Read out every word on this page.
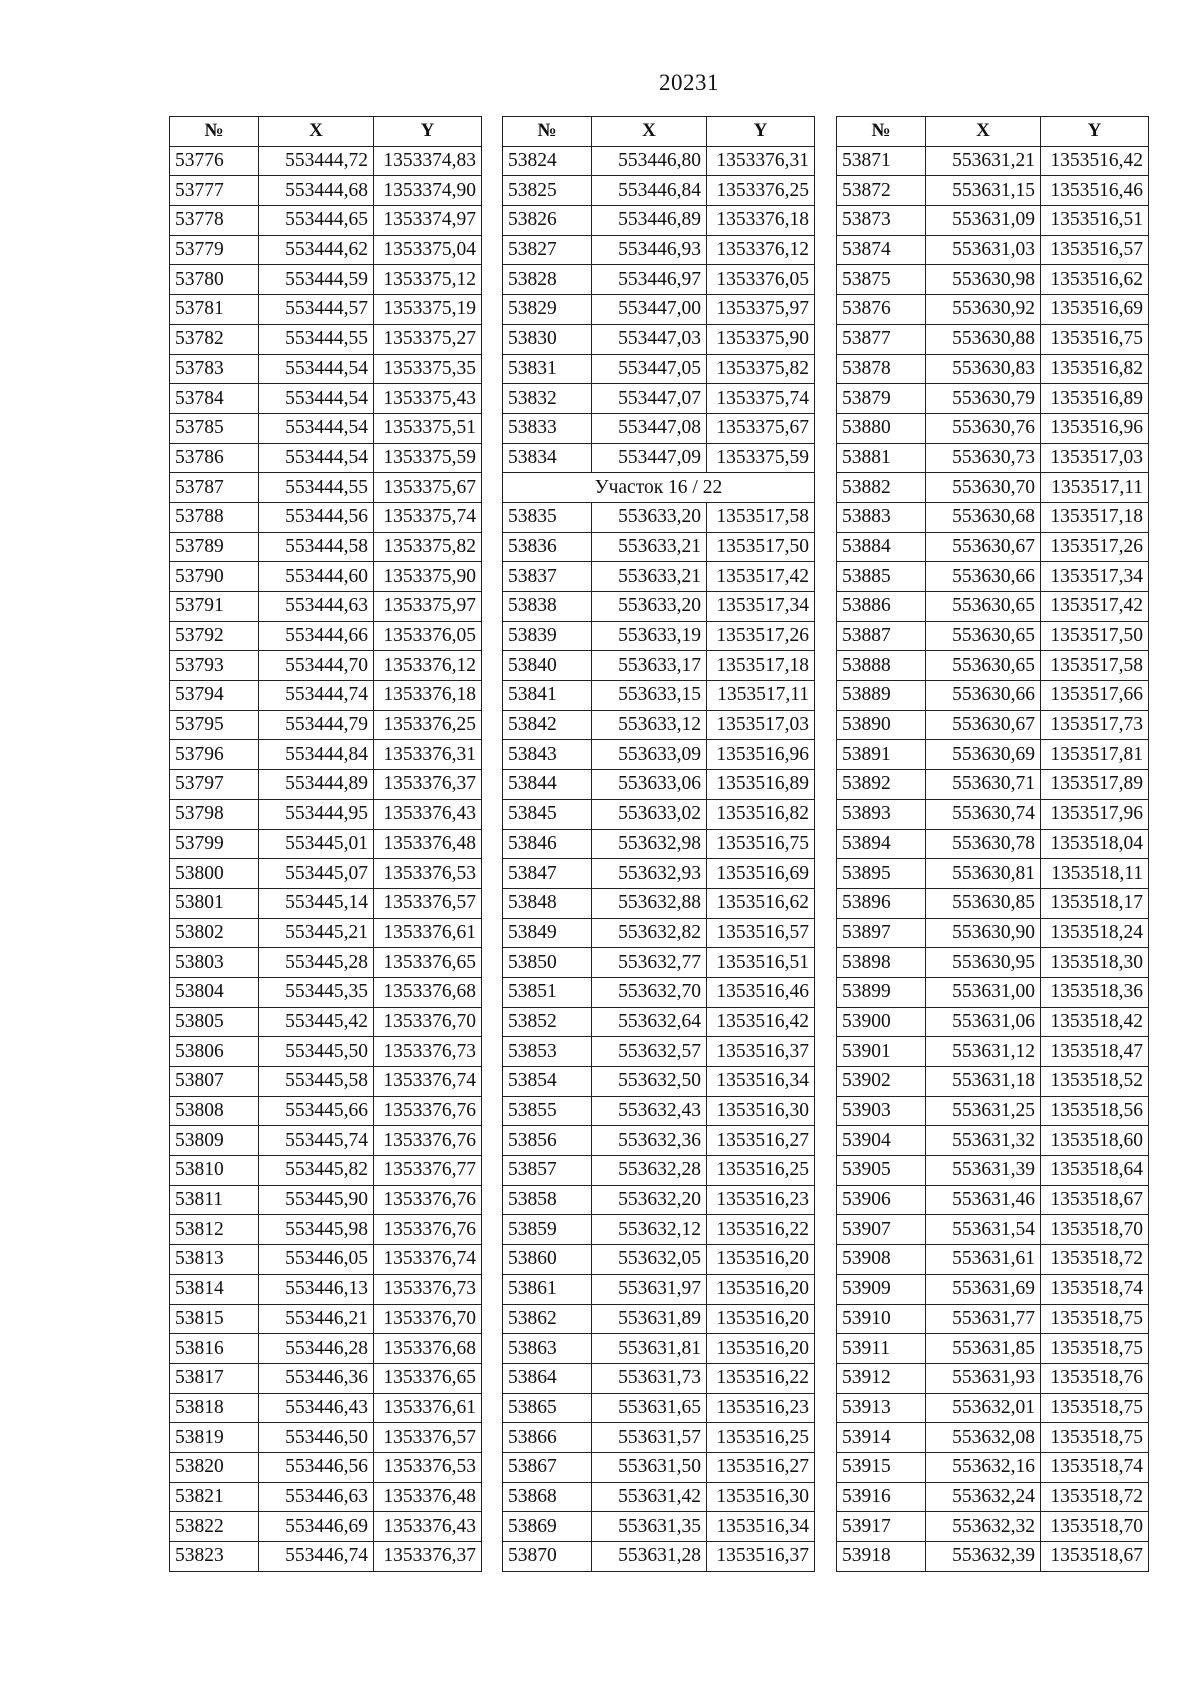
20231
№	X	Y
53776	553444,72	1353374,83
53777	553444,68	1353374,90
53778	553444,65	1353374,97
53779	553444,62	1353375,04
53780	553444,59	1353375,12
53781	553444,57	1353375,19
53782	553444,55	1353375,27
53783	553444,54	1353375,35
53784	553444,54	1353375,43
53785	553444,54	1353375,51
53786	553444,54	1353375,59
53787	553444,55	1353375,67
53788	553444,56	1353375,74
53789	553444,58	1353375,82
53790	553444,60	1353375,90
53791	553444,63	1353375,97
53792	553444,66	1353376,05
53793	553444,70	1353376,12
53794	553444,74	1353376,18
53795	553444,79	1353376,25
53796	553444,84	1353376,31
53797	553444,89	1353376,37
53798	553444,95	1353376,43
53799	553445,01	1353376,48
53800	553445,07	1353376,53
53801	553445,14	1353376,57
53802	553445,21	1353376,61
53803	553445,28	1353376,65
53804	553445,35	1353376,68
53805	553445,42	1353376,70
53806	553445,50	1353376,73
53807	553445,58	1353376,74
53808	553445,66	1353376,76
53809	553445,74	1353376,76
53810	553445,82	1353376,77
53811	553445,90	1353376,76
53812	553445,98	1353376,76
53813	553446,05	1353376,74
53814	553446,13	1353376,73
53815	553446,21	1353376,70
53816	553446,28	1353376,68
53817	553446,36	1353376,65
53818	553446,43	1353376,61
53819	553446,50	1353376,57
53820	553446,56	1353376,53
53821	553446,63	1353376,48
53822	553446,69	1353376,43
53823	553446,74	1353376,37
№	X	Y
53824	553446,80	1353376,31
53825	553446,84	1353376,25
53826	553446,89	1353376,18
53827	553446,93	1353376,12
53828	553446,97	1353376,05
53829	553447,00	1353375,97
53830	553447,03	1353375,90
53831	553447,05	1353375,82
53832	553447,07	1353375,74
53833	553447,08	1353375,67
53834	553447,09	1353375,59
Участок 16 / 22		
53835	553633,20	1353517,58
53836	553633,21	1353517,50
53837	553633,21	1353517,42
53838	553633,20	1353517,34
53839	553633,19	1353517,26
53840	553633,17	1353517,18
53841	553633,15	1353517,11
53842	553633,12	1353517,03
53843	553633,09	1353516,96
53844	553633,06	1353516,89
53845	553633,02	1353516,82
53846	553632,98	1353516,75
53847	553632,93	1353516,69
53848	553632,88	1353516,62
53849	553632,82	1353516,57
53850	553632,77	1353516,51
53851	553632,70	1353516,46
53852	553632,64	1353516,42
53853	553632,57	1353516,37
53854	553632,50	1353516,34
53855	553632,43	1353516,30
53856	553632,36	1353516,27
53857	553632,28	1353516,25
53858	553632,20	1353516,23
53859	553632,12	1353516,22
53860	553632,05	1353516,20
53861	553631,97	1353516,20
53862	553631,89	1353516,20
53863	553631,81	1353516,20
53864	553631,73	1353516,22
53865	553631,65	1353516,23
53866	553631,57	1353516,25
53867	553631,50	1353516,27
53868	553631,42	1353516,30
53869	553631,35	1353516,34
53870	553631,28	1353516,37
№	X	Y
53871	553631,21	1353516,42
53872	553631,15	1353516,46
53873	553631,09	1353516,51
53874	553631,03	1353516,57
53875	553630,98	1353516,62
53876	553630,92	1353516,69
53877	553630,88	1353516,75
53878	553630,83	1353516,82
53879	553630,79	1353516,89
53880	553630,76	1353516,96
53881	553630,73	1353517,03
53882	553630,70	1353517,11
53883	553630,68	1353517,18
53884	553630,67	1353517,26
53885	553630,66	1353517,34
53886	553630,65	1353517,42
53887	553630,65	1353517,50
53888	553630,65	1353517,58
53889	553630,66	1353517,66
53890	553630,67	1353517,73
53891	553630,69	1353517,81
53892	553630,71	1353517,89
53893	553630,74	1353517,96
53894	553630,78	1353518,04
53895	553630,81	1353518,11
53896	553630,85	1353518,17
53897	553630,90	1353518,24
53898	553630,95	1353518,30
53899	553631,00	1353518,36
53900	553631,06	1353518,42
53901	553631,12	1353518,47
53902	553631,18	1353518,52
53903	553631,25	1353518,56
53904	553631,32	1353518,60
53905	553631,39	1353518,64
53906	553631,46	1353518,67
53907	553631,54	1353518,70
53908	553631,61	1353518,72
53909	553631,69	1353518,74
53910	553631,77	1353518,75
53911	553631,85	1353518,75
53912	553631,93	1353518,76
53913	553632,01	1353518,75
53914	553632,08	1353518,75
53915	553632,16	1353518,74
53916	553632,24	1353518,72
53917	553632,32	1353518,70
53918	553632,39	1353518,67
